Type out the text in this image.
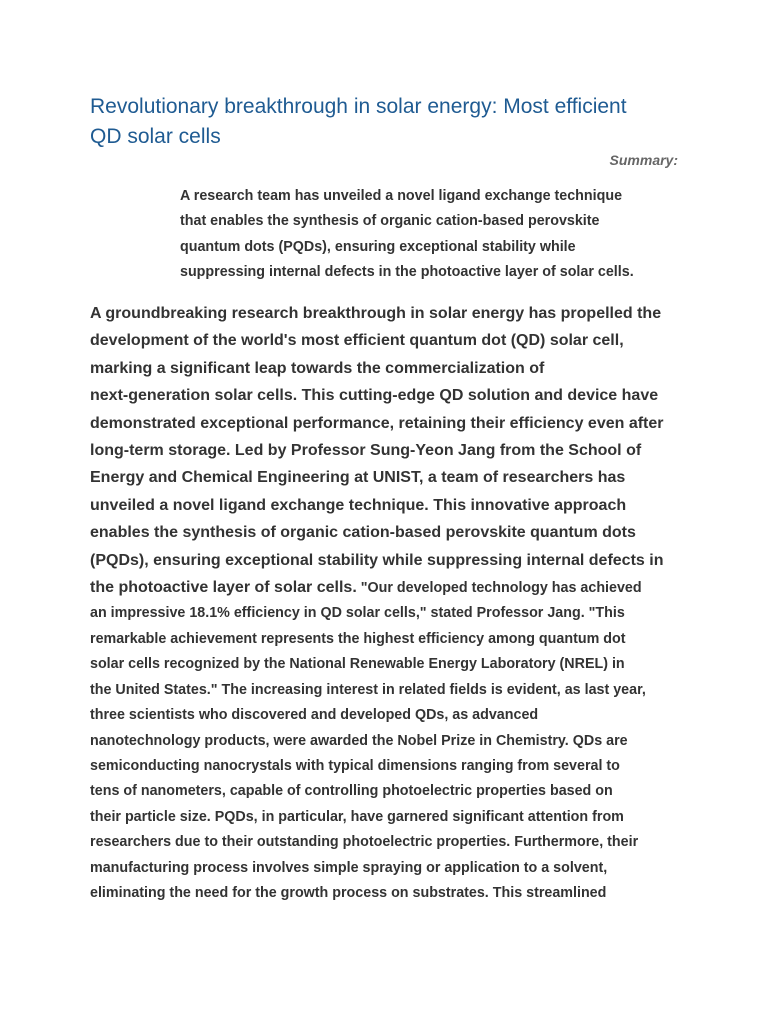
Revolutionary breakthrough in solar energy: Most efficient
QD solar cells
Summary:
A research team has unveiled a novel ligand exchange technique
that enables the synthesis of organic cation-based perovskite
quantum dots (PQDs), ensuring exceptional stability while
suppressing internal defects in the photoactive layer of solar cells.
A groundbreaking research breakthrough in solar energy has propelled the
development of the world's most efficient quantum dot (QD) solar cell,
marking a significant leap towards the commercialization of
next-generation solar cells. This cutting-edge QD solution and device have
demonstrated exceptional performance, retaining their efficiency even after
long-term storage. Led by Professor Sung-Yeon Jang from the School of
Energy and Chemical Engineering at UNIST, a team of researchers has
unveiled a novel ligand exchange technique. This innovative approach
enables the synthesis of organic cation-based perovskite quantum dots
(PQDs), ensuring exceptional stability while suppressing internal defects in
the photoactive layer of solar cells. "Our developed technology has achieved
an impressive 18.1% efficiency in QD solar cells," stated Professor Jang. "This
remarkable achievement represents the highest efficiency among quantum dot
solar cells recognized by the National Renewable Energy Laboratory (NREL) in
the United States." The increasing interest in related fields is evident, as last year,
three scientists who discovered and developed QDs, as advanced
nanotechnology products, were awarded the Nobel Prize in Chemistry. QDs are
semiconducting nanocrystals with typical dimensions ranging from several to
tens of nanometers, capable of controlling photoelectric properties based on
their particle size. PQDs, in particular, have garnered significant attention from
researchers due to their outstanding photoelectric properties. Furthermore, their
manufacturing process involves simple spraying or application to a solvent,
eliminating the need for the growth process on substrates. This streamlined
